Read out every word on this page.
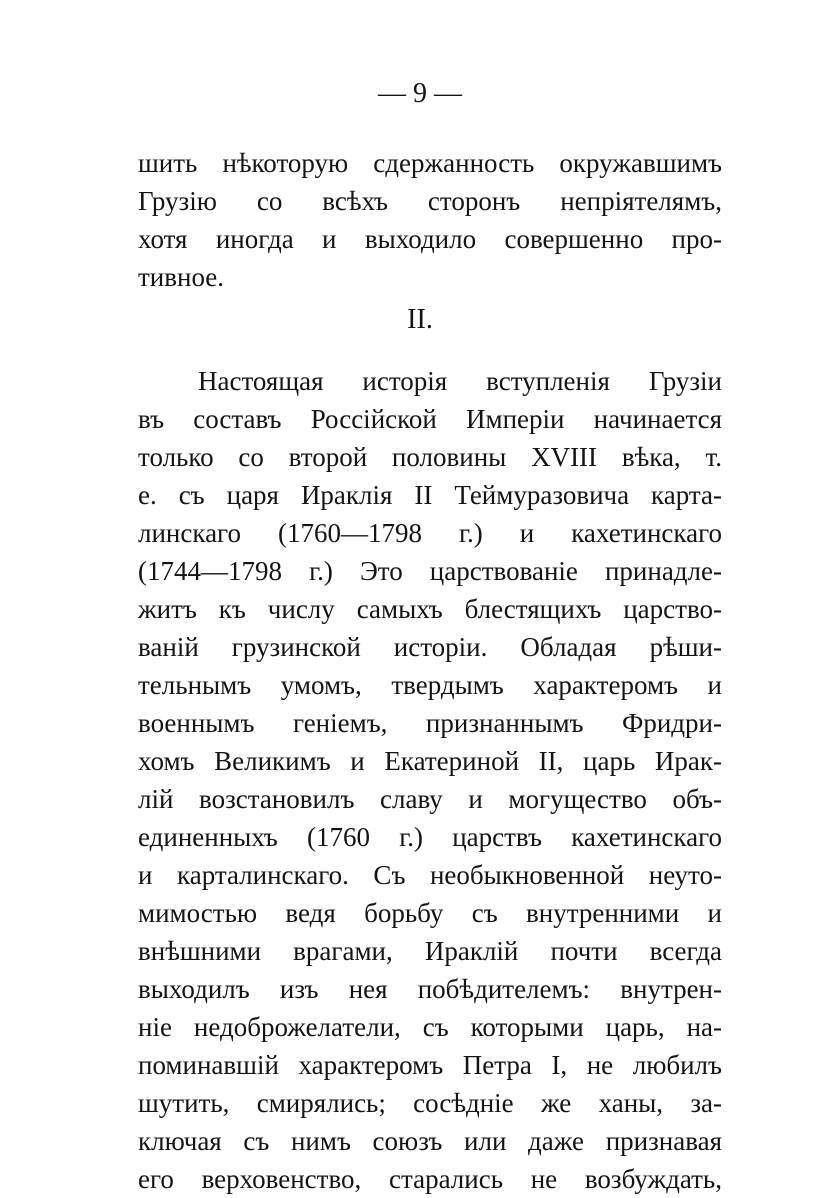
— 9 —

шить нѣкоторую сдержанность окружавшимъ

Грузію со всѣхъ сторонъ непріятелямъ,

хотя иногда и выходило совершенно про-

тивное.

II.

Настоящая исторія вступленія Грузіи

въ составъ Россійской Имперіи начинается

только со второй половины XVIII вѣка, т.

е. съ царя Ираклія II Теймуразовича карта-

линскаго (1760—1798 г.) и кахетинскаго

(1744—1798 г.) Это царствованіе принадле-

житъ къ числу самыхъ блестящихъ царство-

ваній грузинской исторіи. Обладая рѣши-

тельнымъ умомъ, твердымъ характеромъ и

военнымъ геніемъ, признаннымъ Фридри-

хомъ Великимъ и Екатериной II, царь Ирак-

лій возстановилъ славу и могущество объ-

единенныхъ (1760 г.) царствъ кахетинскаго

и карталинскаго. Съ необыкновенной неуто-

мимостью ведя борьбу съ внутренними и

внѣшними врагами, Ираклій почти всегда

выходилъ изъ нея побѣдителемъ: внутрен-

ніе недоброжелатели, съ которыми царь, на-

поминавшій характеромъ Петра I, не любилъ

шутить, смирялись; сосѣдніе же ханы, за-

ключая съ нимъ союзъ или даже признавая

его верховенство, старались не возбуждать,
